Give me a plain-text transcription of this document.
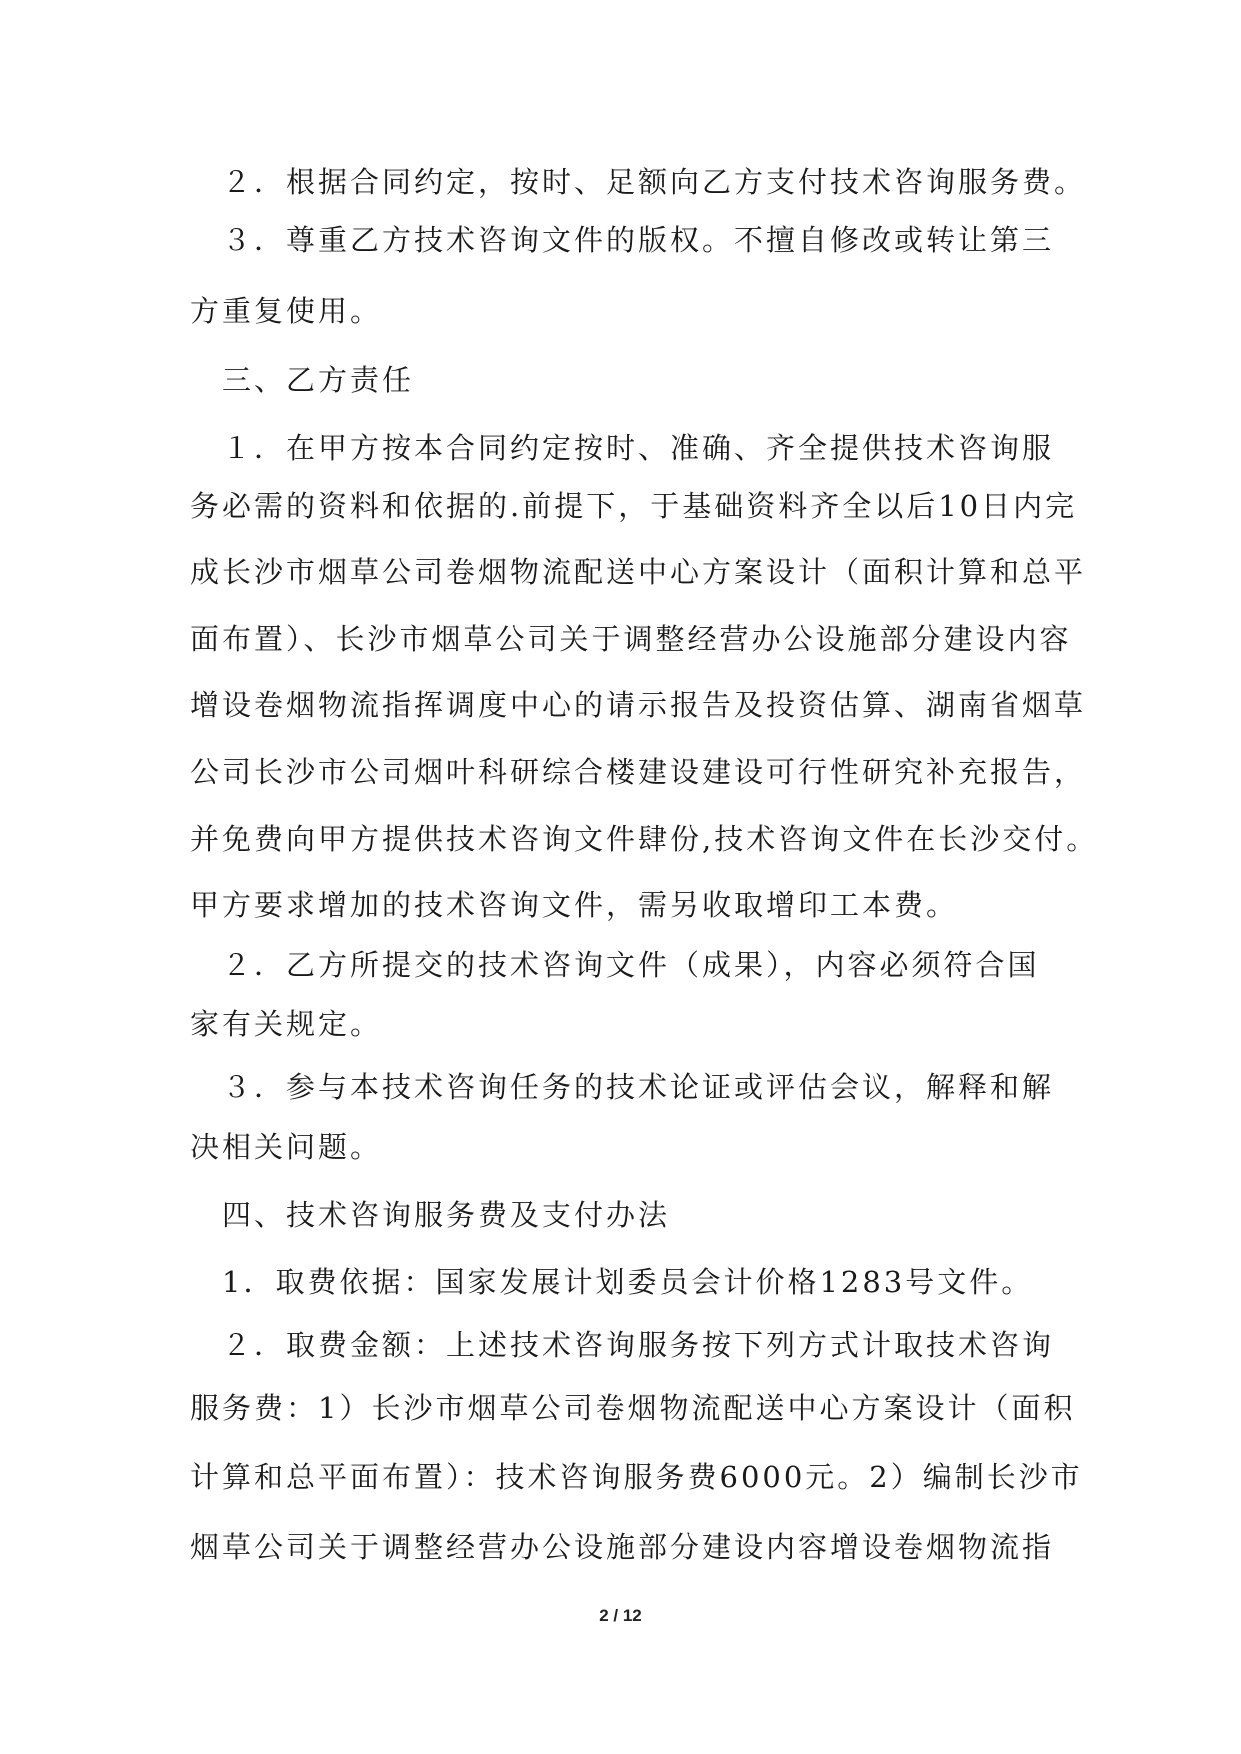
　２．根据合同约定，按时、足额向乙方支付技术咨询服务费。
　３．尊重乙方技术咨询文件的版权。不擅自修改或转让第三
方重复使用。
　三、乙方责任
　１．在甲方按本合同约定按时、准确、齐全提供技术咨询服
务必需的资料和依据的.前提下，于基础资料齐全以后10日内完
成长沙市烟草公司卷烟物流配送中心方案设计（面积计算和总平
面布置）、长沙市烟草公司关于调整经营办公设施部分建设内容
增设卷烟物流指挥调度中心的请示报告及投资估算、湖南省烟草
公司长沙市公司烟叶科研综合楼建设建设可行性研究补充报告，
并免费向甲方提供技术咨询文件肆份,技术咨询文件在长沙交付。
甲方要求增加的技术咨询文件，需另收取增印工本费。
　２．乙方所提交的技术咨询文件（成果），内容必须符合国
家有关规定。
　３．参与本技术咨询任务的技术论证或评估会议，解释和解
决相关问题。
　四、技术咨询服务费及支付办法
　1．取费依据：国家发展计划委员会计价格1283号文件。
　２．取费金额：上述技术咨询服务按下列方式计取技术咨询
服务费：1）长沙市烟草公司卷烟物流配送中心方案设计（面积
计算和总平面布置）：技术咨询服务费6000元。2）编制长沙市
烟草公司关于调整经营办公设施部分建设内容增设卷烟物流指
2 / 12
